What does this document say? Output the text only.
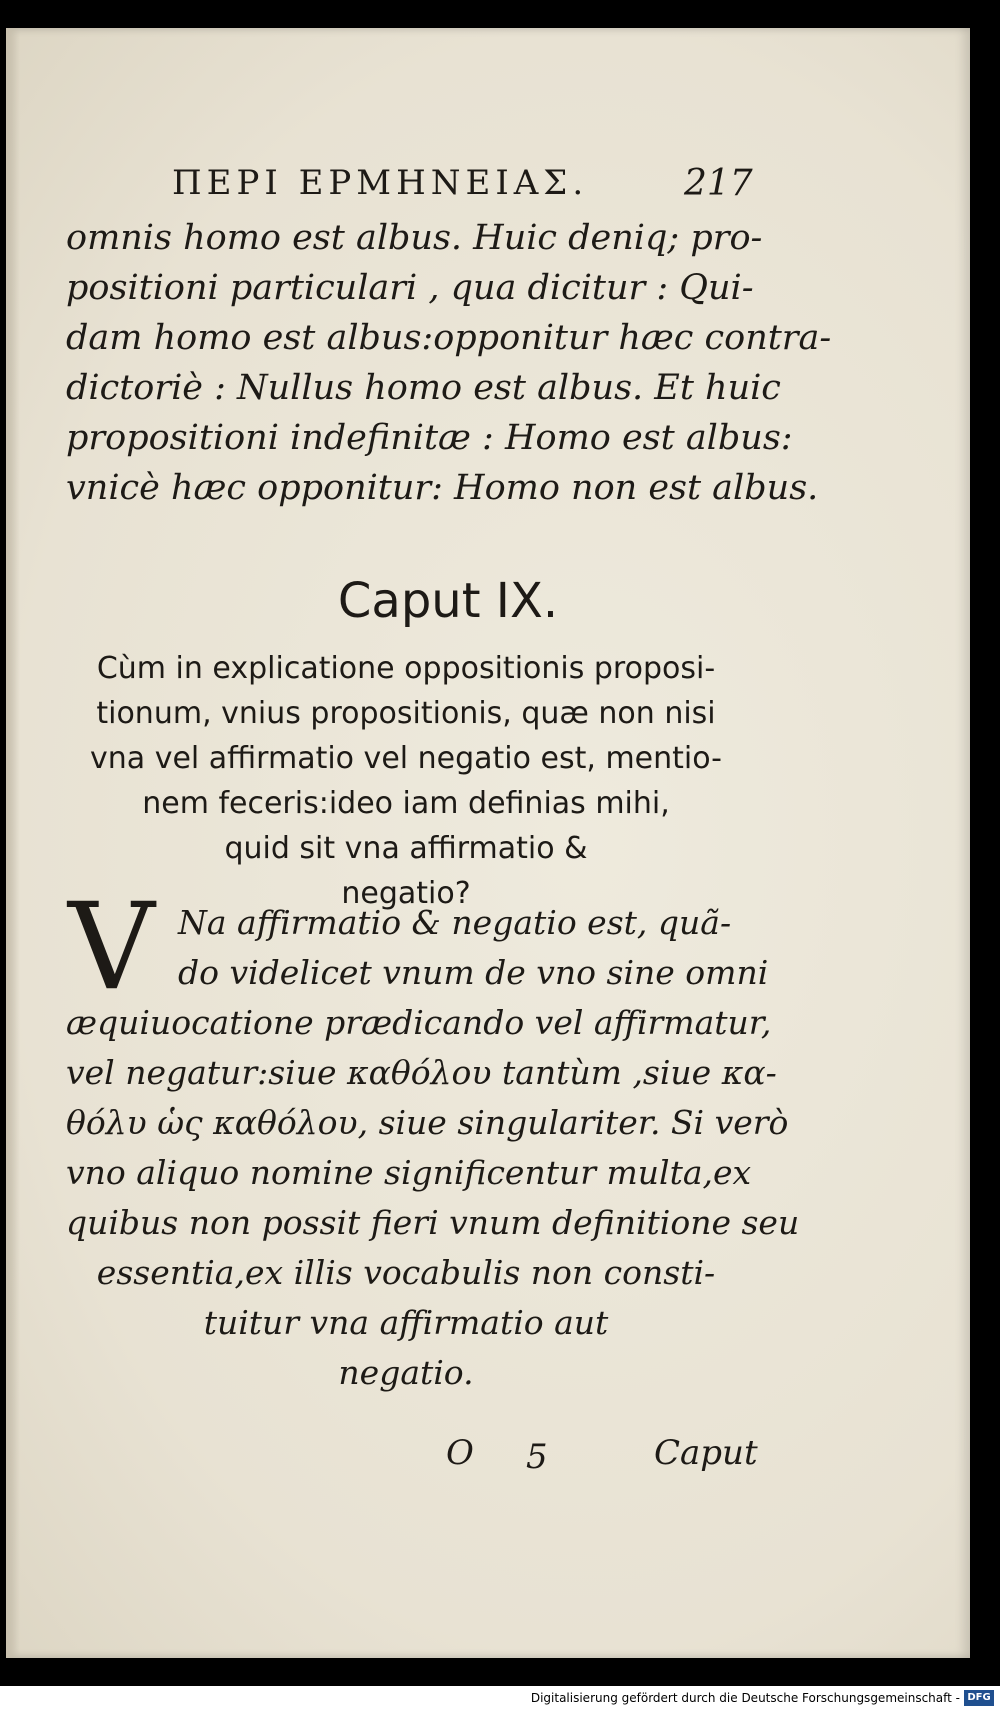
ΠΕΡΙ ΕΡΜΗΝΕΙΑΣ.	217
omnis homo est albus. Huic deniq; pro-
positioni particulari , qua dicitur : Qui-
dam homo est albus:opponitur hæc contra-
dictoriè : Nullus homo est albus. Et huic
propositioni indefinitæ : Homo est albus:
vnicè hæc opponitur: Homo non est albus.
Caput IX.
Cùm in explicatione oppositionis proposi-
tionum, vnius propositionis, quæ non nisi
vna vel affirmatio vel negatio est, mentio-
nem feceris:ideo iam definias mihi,
quid sit vna affirmatio &
negatio?
V Na affirmatio & negatio est, quã-
do videlicet vnum de vno sine omni
æquiuocatione prædicando vel affirmatur,
vel negatur:siue καθόλου tantùm ,siue κα-
θόλυ ὡς καθόλου, siue singulariter. Si verò
vno aliquo nomine significentur multa,ex
quibus non possit fieri vnum definitione seu
essentia,ex illis vocabulis non consti-
tuitur vna affirmatio aut
negatio.
O 5	Caput
Digitalisierung gefördert durch die Deutsche Forschungsgemeinschaft - DFG
